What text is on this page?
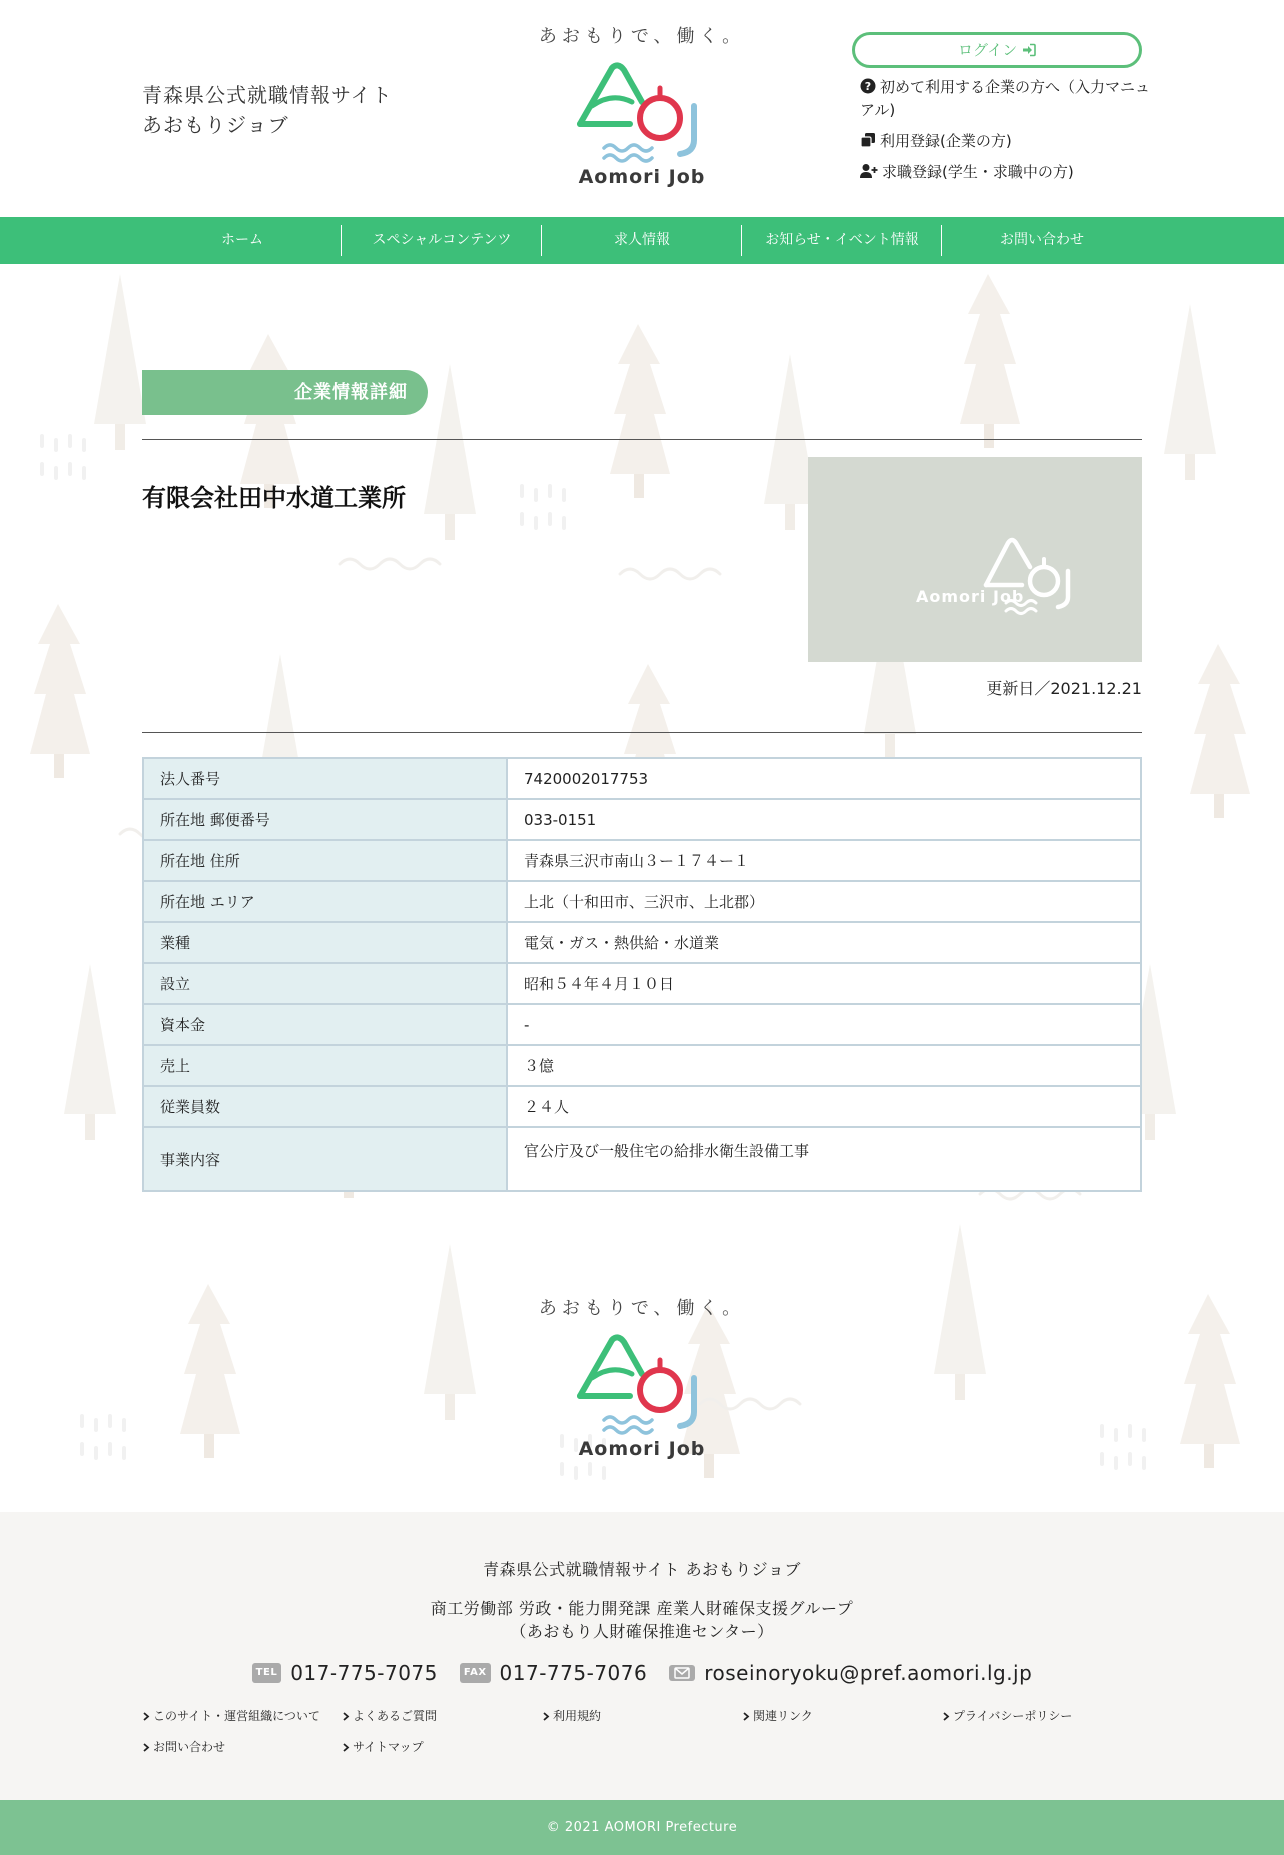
青森県公式就職情報サイト
あおもりジョブ
あおもりで、働く。
Aomori Job
ログイン
? 初めて利用する企業の方へ（入力マニュアル)
利用登録(企業の方)
求職登録(学生・求職中の方)
ホーム	スペシャルコンテンツ	求人情報	お知らせ・イベント情報	お問い合わせ
企業情報詳細
有限会社田中水道工業所
Aomori Job
更新日／2021.12.21
法人番号	7420002017753
所在地 郵便番号	033-0151
所在地 住所	青森県三沢市南山３ー１７４ー１
所在地 エリア	上北（十和田市、三沢市、上北郡）
業種	電気・ガス・熱供給・水道業
設立	昭和５４年４月１０日
資本金	-
売上	３億
従業員数	２４人
事業内容	官公庁及び一般住宅の給排水衛生設備工事
あおもりで、働く。
Aomori Job
青森県公式就職情報サイト あおもりジョブ
商工労働部 労政・能力開発課 産業人財確保支援グループ
（あおもり人財確保推進センター）
TEL 017-775-7075	FAX 017-775-7076	roseinoryoku@pref.aomori.lg.jp
このサイト・運営組織について	よくあるご質問	利用規約	関連リンク	プライバシーポリシー
お問い合わせ	サイトマップ
© 2021 AOMORI Prefecture
